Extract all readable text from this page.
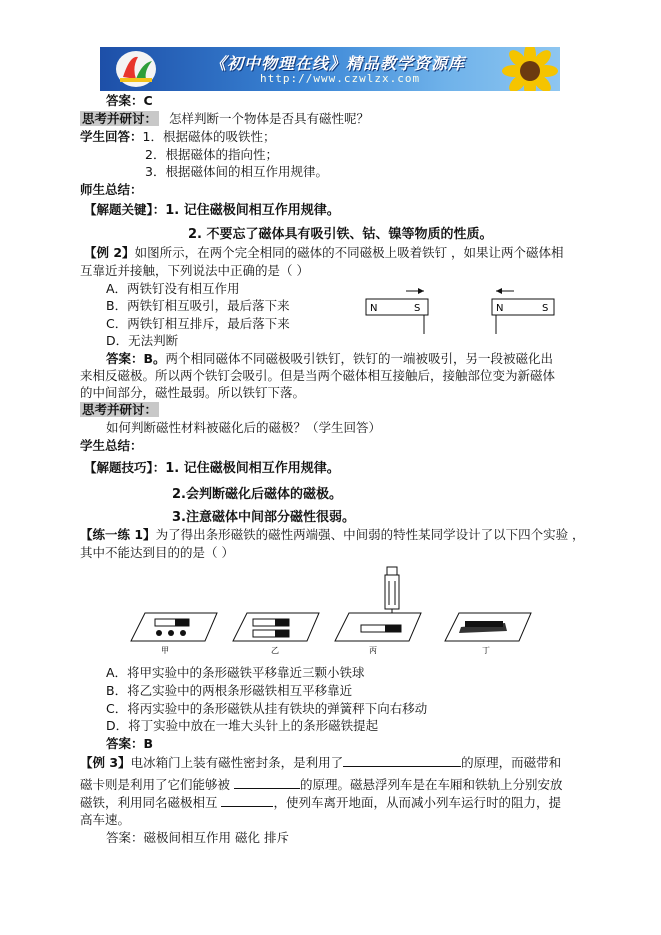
《初中物理在线》精品教学资源库
http://www.czwlzx.com
答案：C
思考并研讨： 怎样判断一个物体是否具有磁性呢？
学生回答：1．根据磁体的吸铁性；
2．根据磁体的指向性；
3．根据磁体间的相互作用规律。
师生总结：
【解题关键】：1. 记住磁极间相互作用规律。
2. 不要忘了磁体具有吸引铁、钴、镍等物质的性质。
【例 2】如图所示，在两个完全相同的磁体的不同磁极上吸着铁钉 ，如果让两个磁体相
互靠近并接触，下列说法中正确的是（ ）
A．两铁钉没有相互作用
B．两铁钉相互吸引，最后落下来
C．两铁钉相互排斥，最后落下来
D．无法判断
N	S	N	S
答案：B。两个相同磁体不同磁极吸引铁钉，铁钉的一端被吸引，另一段被磁化出
来相反磁极。所以两个铁钉会吸引。但是当两个磁体相互接触后，接触部位变为新磁体
的中间部分，磁性最弱。所以铁钉下落。
思考并研讨：
如何判断磁性材料被磁化后的磁极？（学生回答）
学生总结：
【解题技巧】：1. 记住磁极间相互作用规律。
2.会判断磁化后磁体的磁极。
3.注意磁体中间部分磁性很弱。
【练一练 1】为了得出条形磁铁的磁性两端强、中间弱的特性某同学设计了以下四个实验 ，
其中不能达到目的的是（ ）
甲	乙	丙	丁
A．将甲实验中的条形磁铁平移靠近三颗小铁球
B．将乙实验中的两根条形磁铁相互平移靠近
C．将丙实验中的条形磁铁从挂有铁块的弹簧秤下向右移动
D．将丁实验中放在一堆大头针上的条形磁铁提起
答案：B
【例 3】电冰箱门上装有磁性密封条，是利用了	的原理，而磁带和
磁卡则是利用了它们能够被	的原理。磁悬浮列车是在车厢和铁轨上分别安放
磁铁，利用同名磁极相互	，使列车离开地面，从而减小列车运行时的阻力，提
高车速。
答案：磁极间相互作用 磁化 排斥
